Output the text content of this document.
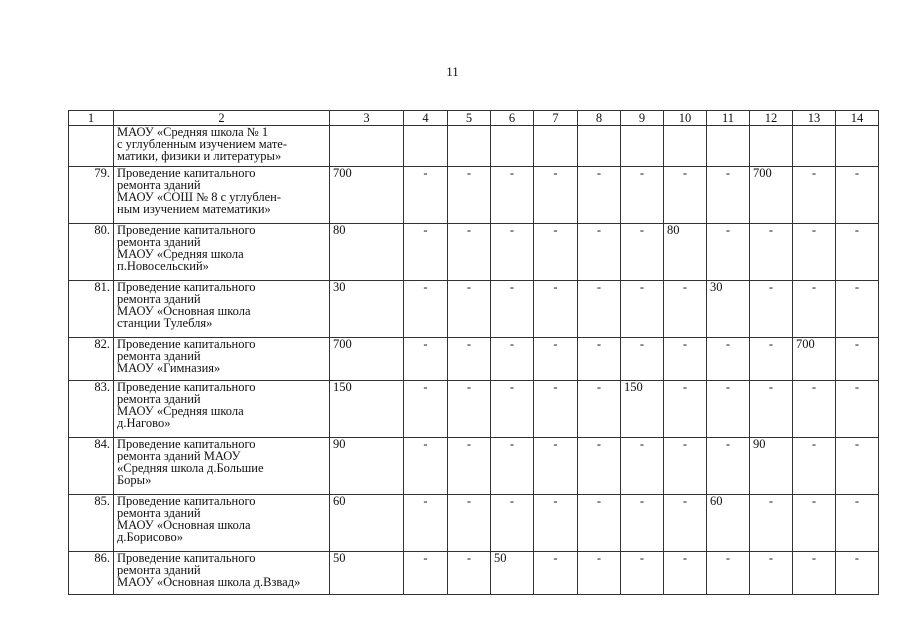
11
1	2	3	4	5	6	7	8	9	10	11	12	13	14
	МАОУ «Средняя школа № 1
с углубленным изучением мате-
матики, физики и литературы»												
79.	Проведение капитального
ремонта зданий
МАОУ «СОШ № 8 с углублен-
ным изучением математики»	700	-	-	-	-	-	-	-	-	700	-	-
80.	Проведение капитального
ремонта зданий
МАОУ «Средняя школа
п.Новосельский»	80	-	-	-	-	-	-	80	-	-	-	-
81.	Проведение капитального
ремонта зданий
МАОУ «Основная школа
станции Тулебля»	30	-	-	-	-	-	-	-	30	-	-	-
82.	Проведение капитального
ремонта зданий
МАОУ «Гимназия»	700	-	-	-	-	-	-	-	-	-	700	-
83.	Проведение капитального
ремонта зданий
МАОУ «Средняя школа
д.Нагово»	150	-	-	-	-	-	150	-	-	-	-	-
84.	Проведение капитального
ремонта зданий МАОУ
«Средняя школа д.Большие
Боры»	90	-	-	-	-	-	-	-	-	90	-	-
85.	Проведение капитального
ремонта зданий
МАОУ «Основная школа
д.Борисово»	60	-	-	-	-	-	-	-	60	-	-	-
86.	Проведение капитального
ремонта зданий
МАОУ «Основная школа д.Взвад»	50	-	-	50	-	-	-	-	-	-	-	-
